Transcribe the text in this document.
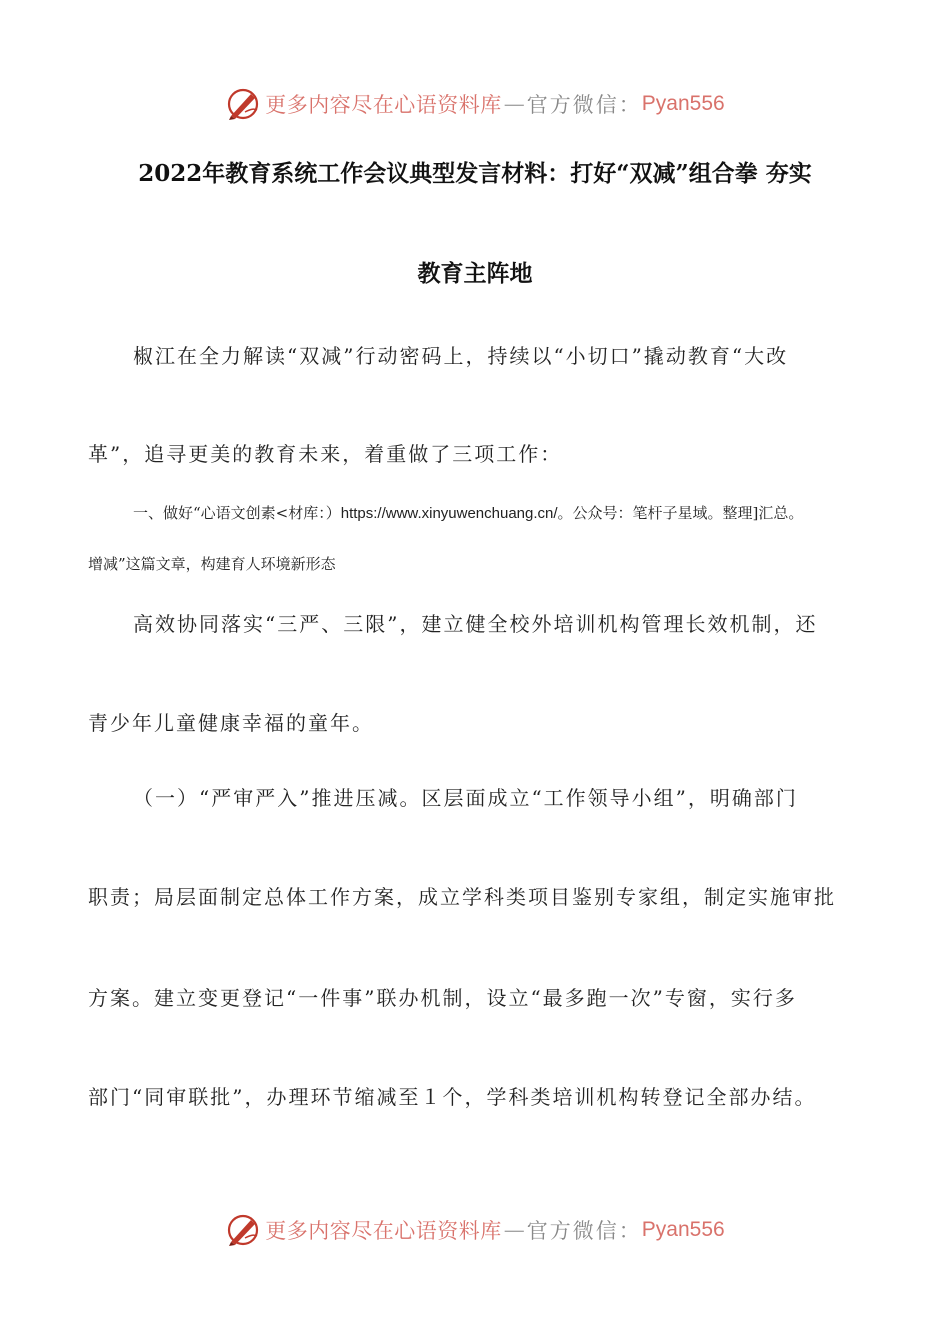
更多内容尽在心语资料库 — 官方微信： Pyan556
2022年教育系统工作会议典型发言材料：打好“双减”组合拳 夯实
教育主阵地
椒江在全力解读“双减”行动密码上，持续以“小切口”撬动教育“大改
革”，追寻更美的教育未来，着重做了三项工作：
一、做好“心语文创素<材库：）https://www.xinyuwenchuang.cn/。公众号：笔杆子星域。整理]汇总。
增减”这篇文章，构建育人环境新形态
高效协同落实“三严、三限”，建立健全校外培训机构管理长效机制，还
青少年儿童健康幸福的童年。
（一）“严审严入”推进压减。区层面成立“工作领导小组”，明确部门
职责；局层面制定总体工作方案，成立学科类项目鉴别专家组，制定实施审批
方案。建立变更登记“一件事”联办机制，设立“最多跑一次”专窗，实行多
部门“同审联批”，办理环节缩减至１个，学科类培训机构转登记全部办结。
更多内容尽在心语资料库 — 官方微信： Pyan556
